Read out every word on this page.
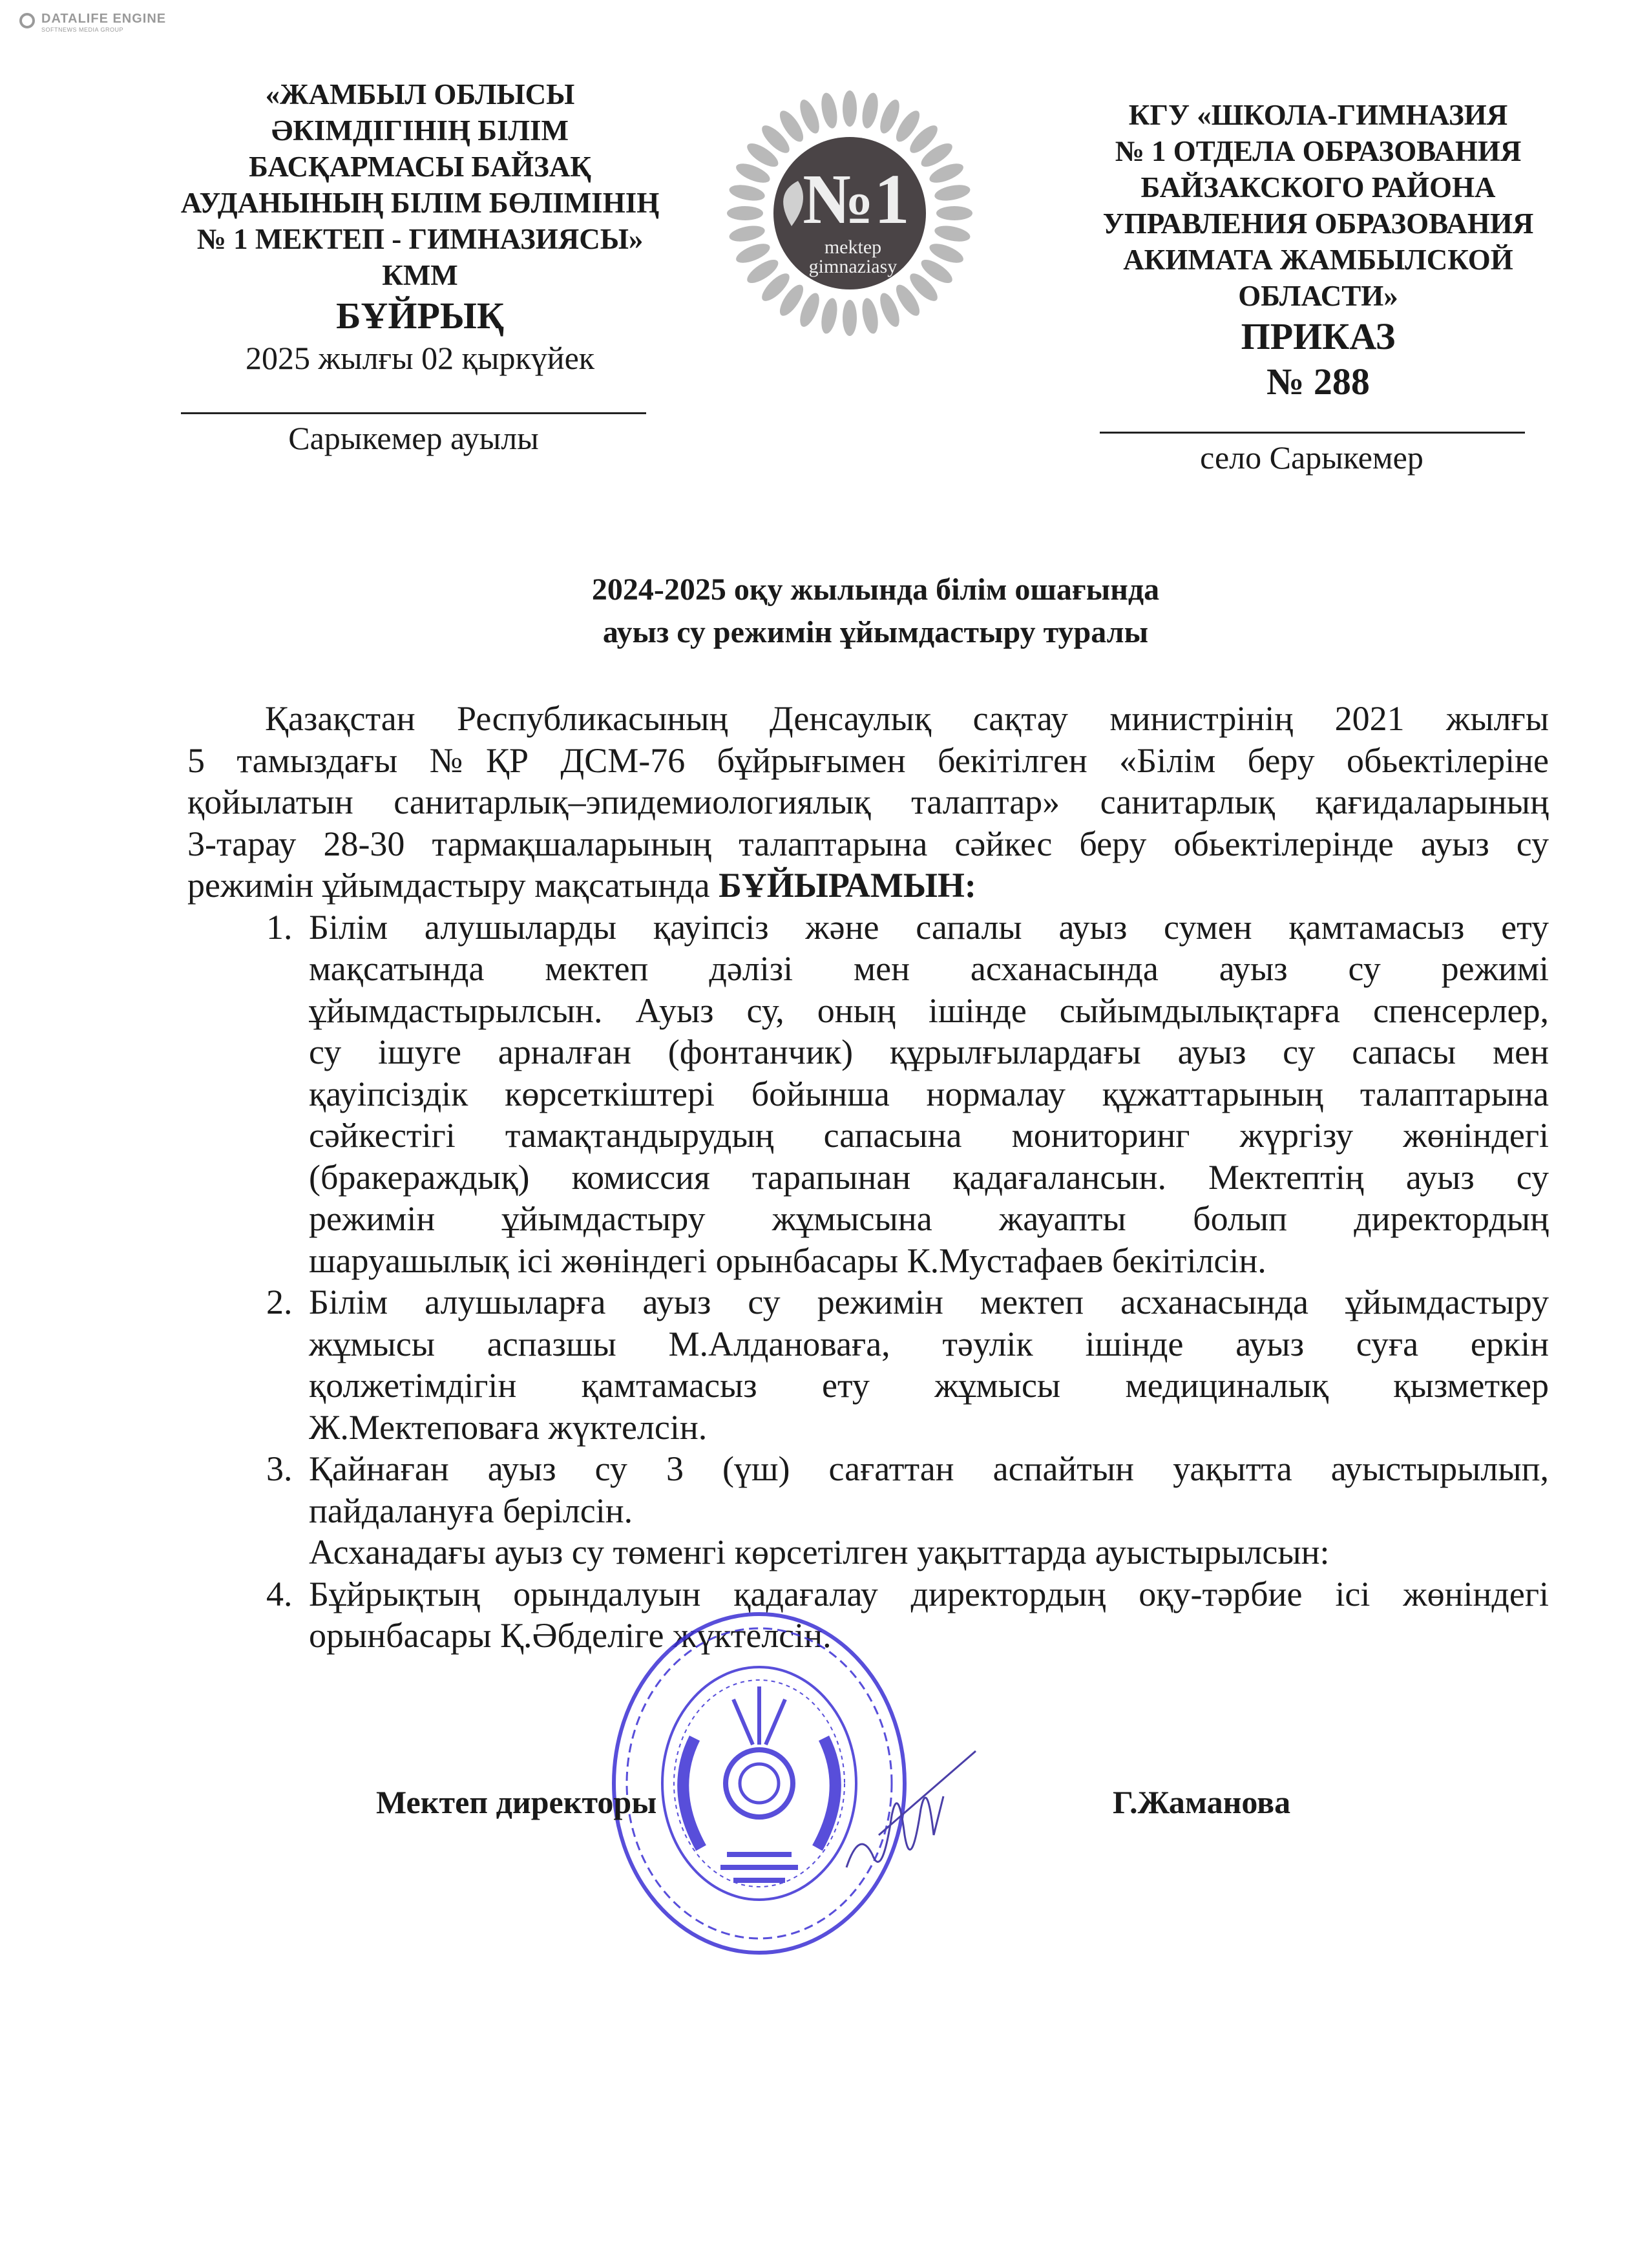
DATALIFE ENGINE
SOFTNEWS MEDIA GROUP
«ЖАМБЫЛ ОБЛЫСЫ
ӘКІМДІГІНІҢ БІЛІМ
БАСҚАРМАСЫ БАЙЗАҚ
АУДАНЫНЫҢ БІЛІМ БӨЛІМІНІҢ
№ 1 МЕКТЕП - ГИМНАЗИЯСЫ»
КММ
БҰЙРЫҚ
2025 жылғы 02 қыркүйек
Сарыкемер ауылы
№1
mektep
gimnaziasy
КГУ «ШКОЛА-ГИМНАЗИЯ
№ 1 ОТДЕЛА ОБРАЗОВАНИЯ
БАЙЗАКСКОГО РАЙОНА
УПРАВЛЕНИЯ ОБРАЗОВАНИЯ
АКИМАТА ЖАМБЫЛСКОЙ
ОБЛАСТИ»
ПРИКАЗ
№ 288
село Сарыкемер
2024-2025 оқу жылында білім ошағында
ауыз су режимін ұйымдастыру туралы
Қазақстан Республикасының Денсаулық сақтау министрінің 2021 жылғы
5 тамыздағы №ҚР ДСМ-76 бұйрығымен бекітілген «Білім беру обьектілеріне
қойылатын санитарлық–эпидемиологиялық талаптар» санитарлық қағидаларының
3-тарау 28-30 тармақшаларының талаптарына сәйкес беру обьектілерінде ауыз су
режимін ұйымдастыру мақсатында БҰЙЫРАМЫН:
1. Білім алушыларды қауіпсіз және сапалы ауыз сумен қамтамасыз ету
мақсатында мектеп дәлізі мен асханасында ауыз су режимі
ұйымдастырылсын. Ауыз су, оның ішінде сыйымдылықтарға спенсерлер,
су ішуге арналған (фонтанчик) құрылғылардағы ауыз су сапасы мен
қауіпсіздік көрсеткіштері бойынша нормалау құжаттарының талаптарына
сәйкестігі тамақтандырудың сапасына мониторинг жүргізу жөніндегі
(бракераждық) комиссия тарапынан қадағалансын. Мектептің ауыз су
режимін ұйымдастыру жұмысына жауапты болып директордың
шаруашылық ісі жөніндегі орынбасары К.Мустафаев бекітілсін.
2. Білім алушыларға ауыз су режимін мектеп асханасында ұйымдастыру
жұмысы аспазшы М.Алдановаға, тәулік ішінде ауыз суға еркін
қолжетімдігін қамтамасыз ету жұмысы медициналық қызметкер
Ж.Мектеповаға жүктелсін.
3. Қайнаған ауыз су 3 (үш) сағаттан аспайтын уақытта ауыстырылып,
пайдалануға берілсін.
Асханадағы ауыз су төменгі көрсетілген уақыттарда ауыстырылсын:
4. Бұйрықтың орындалуын қадағалау директордың оқу-тәрбие ісі жөніндегі
орынбасары Қ.Әбделіге жүктелсін.
Мектеп директоры	Г.Жаманова
